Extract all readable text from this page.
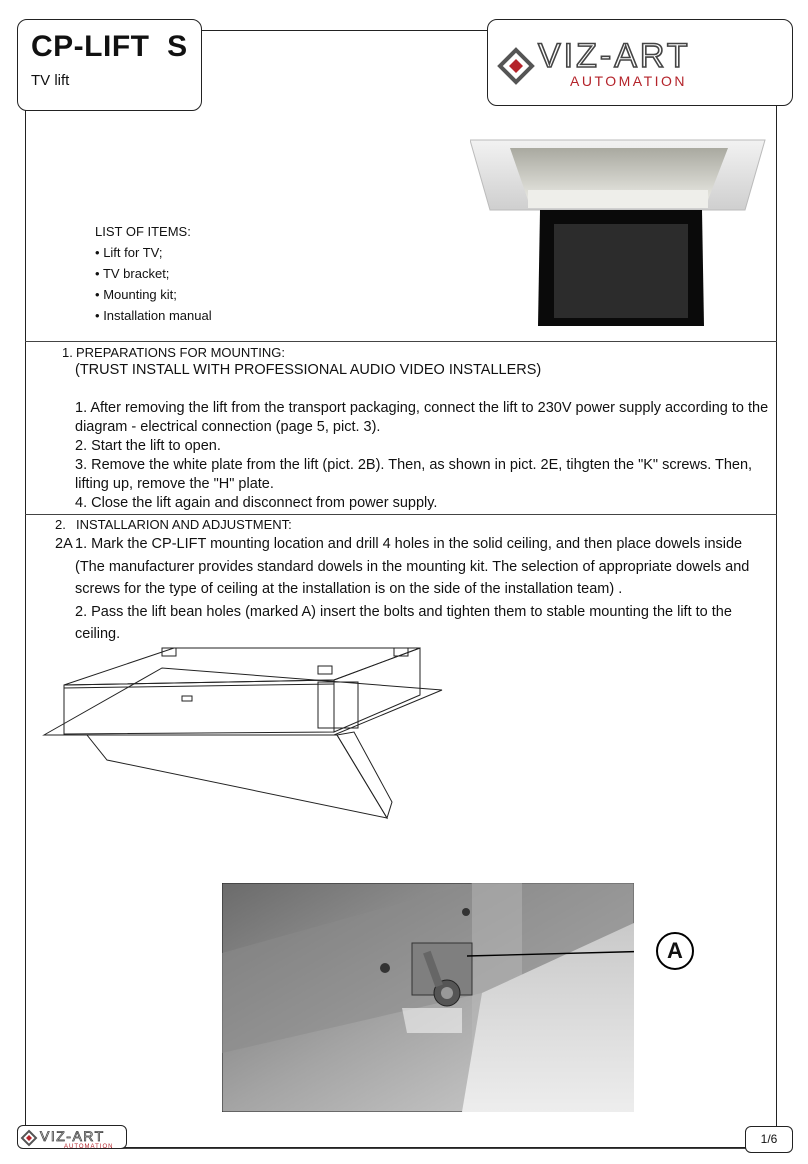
CP-LIFT  S
TV lift
VIZ-ART
AUTOMATION
LIST OF ITEMS:
• Lift for TV;
• TV bracket;
• Mounting kit;
• Installation manual
1. PREPARATIONS FOR MOUNTING:
(TRUST INSTALL WITH PROFESSIONAL AUDIO VIDEO INSTALLERS)
1. After removing the lift from the transport packaging, connect the lift to 230V power supply according to the diagram - electrical connection (page 5, pict. 3).
2. Start the lift to open.
3. Remove the white plate from the lift (pict. 2B). Then, as shown in pict. 2E, tihgten the "K" screws. Then, lifting up, remove the "H" plate.
4. Close the lift again and disconnect from power supply.
2. INSTALLARION AND ADJUSTMENT:
2A 1. Mark the CP-LIFT mounting location and drill 4 holes in the solid ceiling, and then place dowels inside (The manufacturer provides standard dowels in the mounting kit. The selection of appropriate dowels and screws for the type of ceiling at the installation is on the side of the installation team) .
2. Pass the lift bean holes (marked A) insert the bolts and tighten them to stable mounting the lift to the ceiling.
A
VIZ-ART
AUTOMATION
1/6
